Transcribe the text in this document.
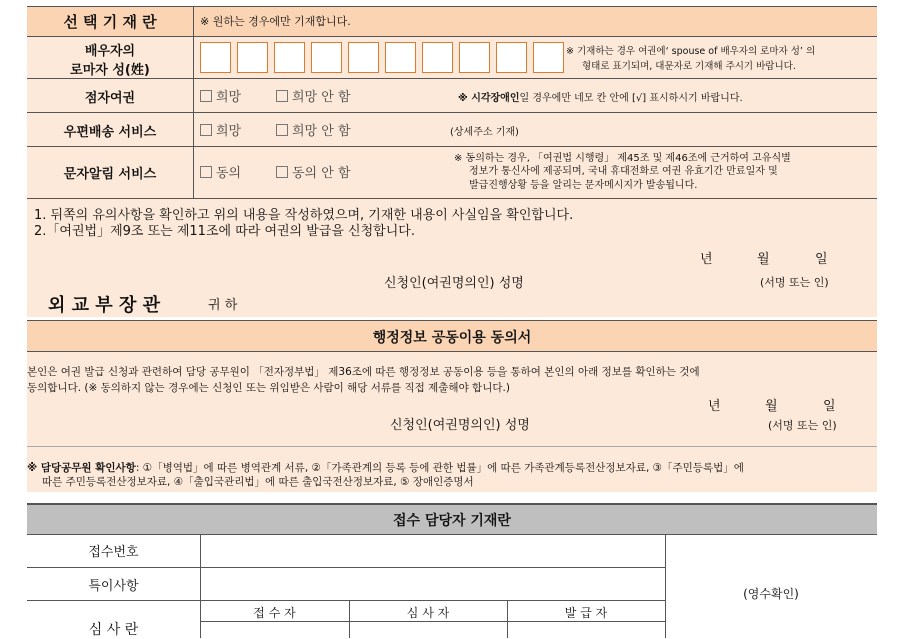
선 택 기 재 란	※ 원하는 경우에만 기재합니다.
배우자의
로마자 성(姓)
※ 기재하는 경우 여권에‘ spouse of 배우자의 로마자 성’ 의
형태로 표기되며, 대문자로 기재해 주시기 바랍니다.
점자여권	희망	희망 안 함	※ 시각장애인일 경우에만 네모 칸 안에 [√] 표시하시기 바랍니다.
우편배송 서비스	희망	희망 안 함	(상세주소 기재)
문자알림 서비스	동의	동의 안 함
※ 동의하는 경우, 「여권법 시행령」 제45조 및 제46조에 근거하여 고유식별
정보가 통신사에 제공되며, 국내 휴대전화로 여권 유효기간 만료일자 및
발급진행상황 등을 알리는 문자메시지가 발송됩니다.
1. 뒤쪽의 유의사항을 확인하고 위의 내용을 작성하였으며, 기재한 내용이 사실임을 확인합니다.
2.「여권법」제9조 또는 제11조에 따라 여권의 발급을 신청합니다.
년	월	일
신청인(여권명의인) 성명	(서명 또는 인)
외 교 부 장 관	귀 하
행정정보 공동이용 동의서
본인은 여권 발급 신청과 관련하여 담당 공무원이 「전자정부법」 제36조에 따른 행정정보 공동이용 등을 통하여 본인의 아래 정보를 확인하는 것에
동의합니다. (※ 동의하지 않는 경우에는 신청인 또는 위임받은 사람이 해당 서류를 직접 제출해야 합니다.)
년	월	일
신청인(여권명의인) 성명	(서명 또는 인)
※ 담당공무원 확인사항: ①「병역법」에 따른 병역관계 서류, ②「가족관계의 등록 등에 관한 법률」에 따른 가족관계등록전산정보자료, ③「주민등록법」에
따른 주민등록전산정보자료, ④「출입국관리법」에 따른 출입국전산정보자료, ⑤ 장애인증명서
접수 담당자 기재란
접수번호
특이사항
심 사 란
접 수 자	심 사 자	발 급 자
(영수확인)
